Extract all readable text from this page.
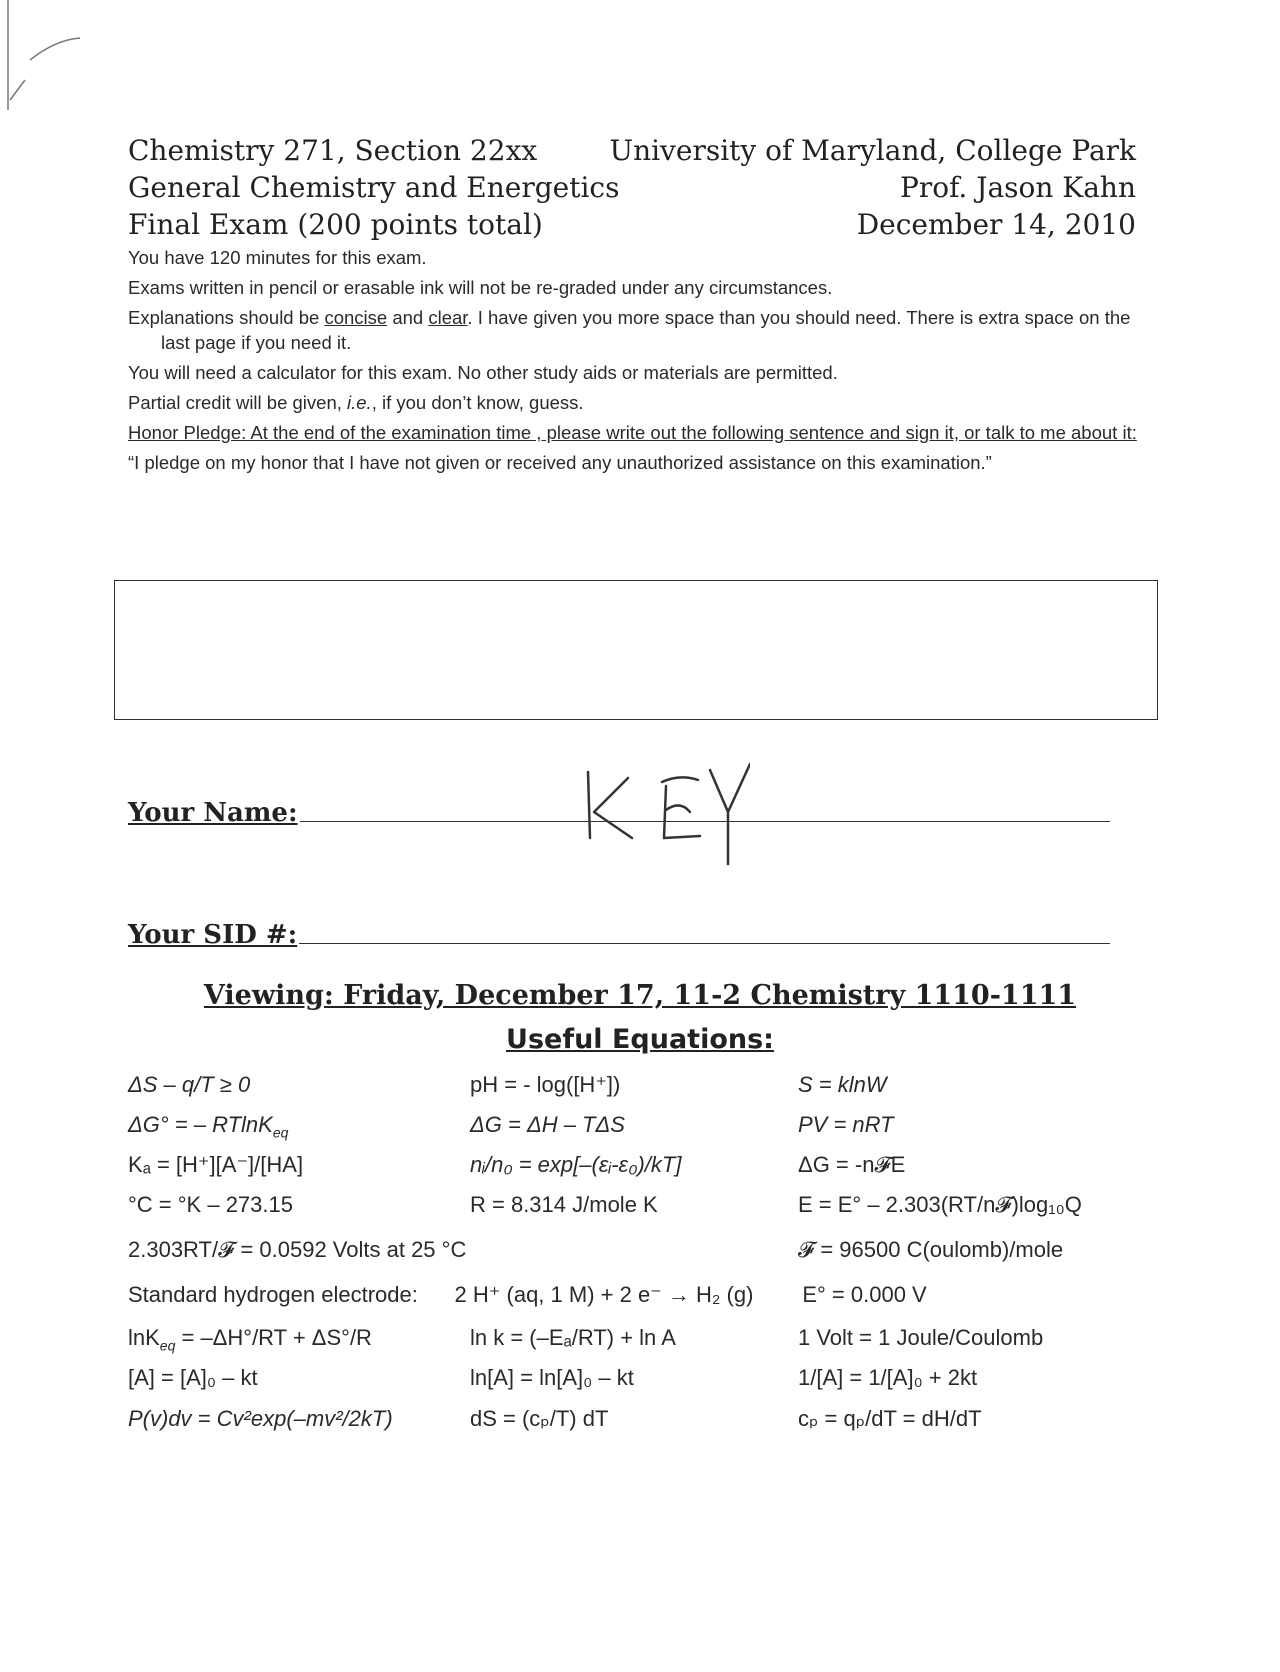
Chemistry 271, Section 22xx	University of Maryland, College Park
General Chemistry and Energetics	Prof. Jason Kahn
Final Exam (200 points total)	December 14, 2010

You have 120 minutes for this exam.

Exams written in pencil or erasable ink will not be re-graded under any circumstances.

Explanations should be concise and clear. I have given you more space than you should need. There is extra space on the last page if you need it.

You will need a calculator for this exam. No other study aids or materials are permitted.

Partial credit will be given, i.e., if you don’t know, guess.

Honor Pledge: At the end of the examination time , please write out the following sentence and sign it, or talk to me about it:

“I pledge on my honor that I have not given or received any unauthorized assistance on this examination.”

Your Name:
Your SID #:
Viewing: Friday, December 17, 11-2 Chemistry 1110-1111
Useful Equations:
ΔS – q/T ≥ 0	pH = - log([H⁺])	S = klnW
ΔG° = – RTlnK$_{eq}$	ΔG = ΔH – TΔS	PV = nRT
Kₐ = [H⁺][A⁻]/[HA]	nᵢ/n₀ = exp[–(εᵢ-ε₀)/kT]	ΔG = -n𝓕E
°C = °K – 273.15	R = 8.314 J/mole K	E = E° – 2.303(RT/n𝓕)log₁₀Q
2.303RT/𝓕 = 0.0592 Volts at 25 °C	𝓕 = 96500 C(oulomb)/mole
Standard hydrogen electrode:      2 H⁺ (aq, 1 M) + 2 e⁻ → H₂ (g)        E° = 0.000 V
lnK$_{eq}$ = –ΔH°/RT + ΔS°/R	ln k = (–Eₐ/RT) + ln A	1 Volt = 1 Joule/Coulomb
[A] = [A]₀ – kt	ln[A] = ln[A]₀ – kt	1/[A] = 1/[A]₀ + 2kt
P(v)dv = Cv²exp(–mv²/2kT)	dS = (cₚ/T) dT	cₚ = qₚ/dT = dH/dT
